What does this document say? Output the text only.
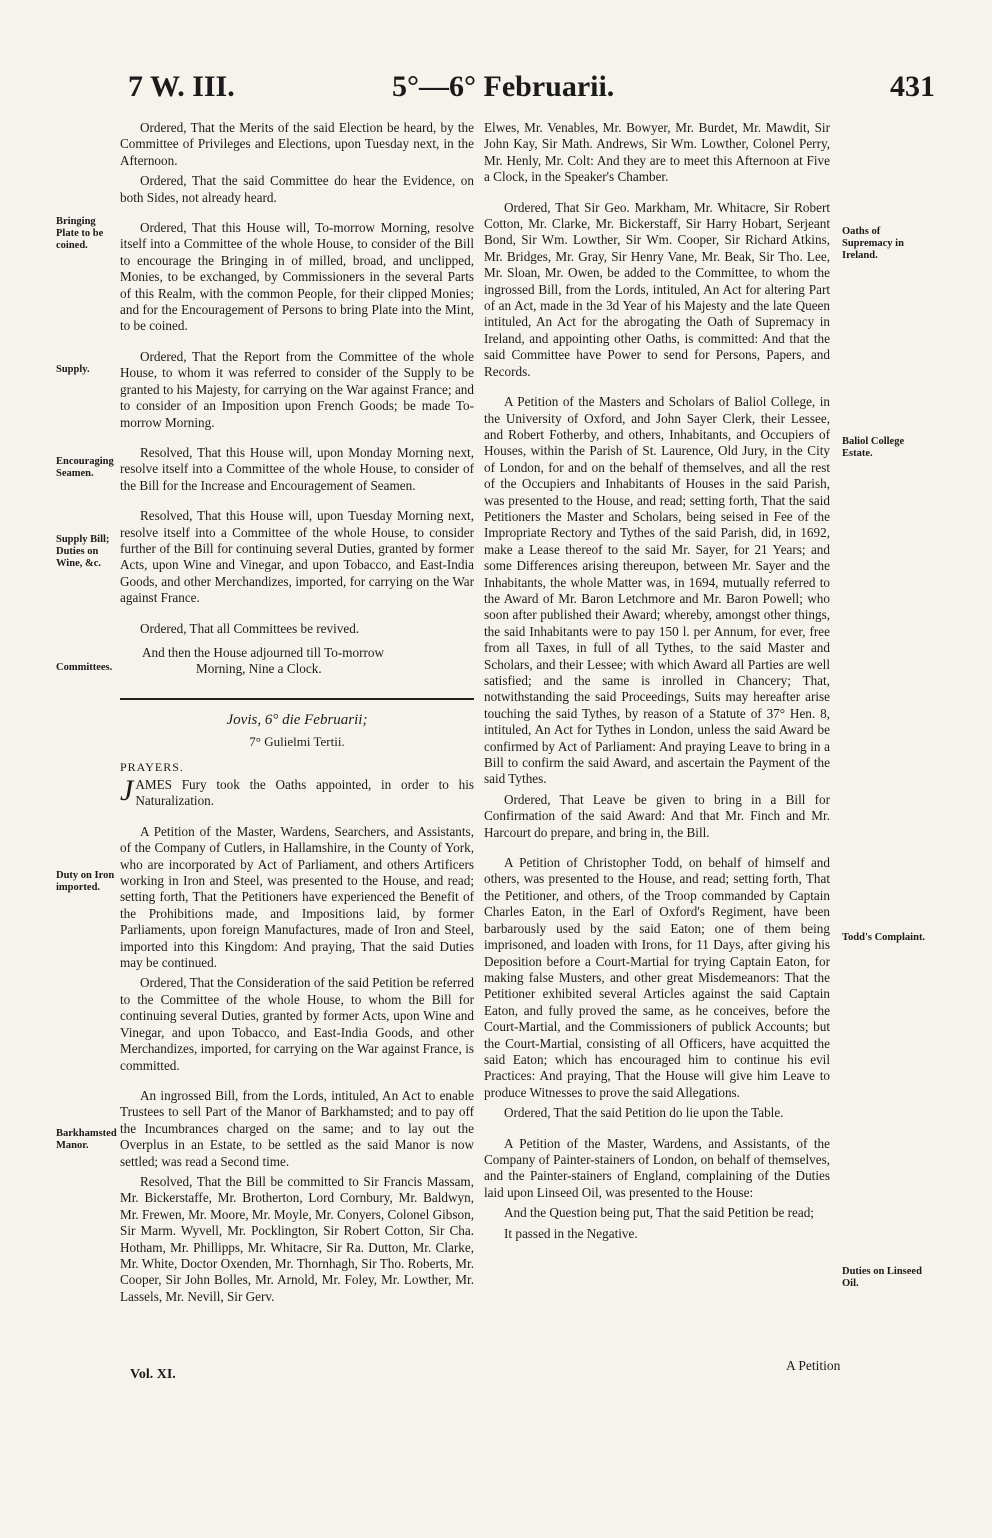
7 W. III.	5°—6° Februarii.	431
Bringing Plate to be coined.
Supply.
Encouraging Seamen.
Supply Bill; Duties on Wine, &c.
Committees.
Duty on Iron imported.
Barkhamsted Manor.
Oaths of Supremacy in Ireland.
Baliol College Estate.
Todd's Complaint.
Duties on Linseed Oil.

Ordered, That the Merits of the said Election be heard, by the Committee of Privileges and Elections, upon Tuesday next, in the Afternoon.

Ordered, That the said Committee do hear the Evidence, on both Sides, not already heard.

Ordered, That this House will, To-morrow Morning, resolve itself into a Committee of the whole House, to consider of the Bill to encourage the Bringing in of milled, broad, and unclipped, Monies, to be exchanged, by Commissioners in the several Parts of this Realm, with the common People, for their clipped Monies; and for the Encouragement of Persons to bring Plate into the Mint, to be coined.

Ordered, That the Report from the Committee of the whole House, to whom it was referred to consider of the Supply to be granted to his Majesty, for carrying on the War against France; and to consider of an Imposition upon French Goods; be made To-morrow Morning.

Resolved, That this House will, upon Monday Morning next, resolve itself into a Committee of the whole House, to consider of the Bill for the Increase and Encouragement of Seamen.

Resolved, That this House will, upon Tuesday Morning next, resolve itself into a Committee of the whole House, to consider further of the Bill for continuing several Duties, granted by former Acts, upon Wine and Vinegar, and upon Tobacco, and East-India Goods, and other Merchandizes, imported, for carrying on the War against France.

Ordered, That all Committees be revived.

And then the House adjourned till To-morrow
Morning, Nine a Clock.

Jovis, 6° die Februarii;

7° Gulielmi Tertii.

PRAYERS.

JAMES Fury took the Oaths appointed, in order to his Naturalization.

A Petition of the Master, Wardens, Searchers, and Assistants, of the Company of Cutlers, in Hallamshire, in the County of York, who are incorporated by Act of Parliament, and others Artificers working in Iron and Steel, was presented to the House, and read; setting forth, That the Petitioners have experienced the Benefit of the Prohibitions made, and Impositions laid, by former Parliaments, upon foreign Manufactures, made of Iron and Steel, imported into this Kingdom: And praying, That the said Duties may be continued.

Ordered, That the Consideration of the said Petition be referred to the Committee of the whole House, to whom the Bill for continuing several Duties, granted by former Acts, upon Wine and Vinegar, and upon Tobacco, and East-India Goods, and other Merchandizes, imported, for carrying on the War against France, is committed.

An ingrossed Bill, from the Lords, intituled, An Act to enable Trustees to sell Part of the Manor of Barkhamsted; and to pay off the Incumbrances charged on the same; and to lay out the Overplus in an Estate, to be settled as the said Manor is now settled; was read a Second time.

Resolved, That the Bill be committed to Sir Francis Massam, Mr. Bickerstaffe, Mr. Brotherton, Lord Cornbury, Mr. Baldwyn, Mr. Frewen, Mr. Moore, Mr. Moyle, Mr. Conyers, Colonel Gibson, Sir Marm. Wyvell, Mr. Pocklington, Sir Robert Cotton, Sir Cha. Hotham, Mr. Phillipps, Mr. Whitacre, Sir Ra. Dutton, Mr. Clarke, Mr. White, Doctor Oxenden, Mr. Thornhagh, Sir Tho. Roberts, Mr. Cooper, Sir John Bolles, Mr. Arnold, Mr. Foley, Mr. Lowther, Mr. Lassels, Mr. Nevill, Sir Gerv.

Elwes, Mr. Venables, Mr. Bowyer, Mr. Burdet, Mr. Mawdit, Sir John Kay, Sir Math. Andrews, Sir Wm. Lowther, Colonel Perry, Mr. Henly, Mr. Colt: And they are to meet this Afternoon at Five a Clock, in the Speaker's Chamber.

Ordered, That Sir Geo. Markham, Mr. Whitacre, Sir Robert Cotton, Mr. Clarke, Mr. Bickerstaff, Sir Harry Hobart, Serjeant Bond, Sir Wm. Lowther, Sir Wm. Cooper, Sir Richard Atkins, Mr. Bridges, Mr. Gray, Sir Henry Vane, Mr. Beak, Sir Tho. Lee, Mr. Sloan, Mr. Owen, be added to the Committee, to whom the ingrossed Bill, from the Lords, intituled, An Act for altering Part of an Act, made in the 3d Year of his Majesty and the late Queen intituled, An Act for the abrogating the Oath of Supremacy in Ireland, and appointing other Oaths, is committed: And that the said Committee have Power to send for Persons, Papers, and Records.

A Petition of the Masters and Scholars of Baliol College, in the University of Oxford, and John Sayer Clerk, their Lessee, and Robert Fotherby, and others, Inhabitants, and Occupiers of Houses, within the Parish of St. Laurence, Old Jury, in the City of London, for and on the behalf of themselves, and all the rest of the Occupiers and Inhabitants of Houses in the said Parish, was presented to the House, and read; setting forth, That the said Petitioners the Master and Scholars, being seised in Fee of the Impropriate Rectory and Tythes of the said Parish, did, in 1692, make a Lease thereof to the said Mr. Sayer, for 21 Years; and some Differences arising thereupon, between Mr. Sayer and the Inhabitants, the whole Matter was, in 1694, mutually referred to the Award of Mr. Baron Letchmore and Mr. Baron Powell; who soon after published their Award; whereby, amongst other things, the said Inhabitants were to pay 150 l. per Annum, for ever, free from all Taxes, in full of all Tythes, to the said Master and Scholars, and their Lessee; with which Award all Parties are well satisfied; and the same is inrolled in Chancery; That, notwithstanding the said Proceedings, Suits may hereafter arise touching the said Tythes, by reason of a Statute of 37° Hen. 8, intituled, An Act for Tythes in London, unless the said Award be confirmed by Act of Parliament: And praying Leave to bring in a Bill to confirm the said Award, and ascertain the Payment of the said Tythes.

Ordered, That Leave be given to bring in a Bill for Confirmation of the said Award: And that Mr. Finch and Mr. Harcourt do prepare, and bring in, the Bill.

A Petition of Christopher Todd, on behalf of himself and others, was presented to the House, and read; setting forth, That the Petitioner, and others, of the Troop commanded by Captain Charles Eaton, in the Earl of Oxford's Regiment, have been barbarously used by the said Eaton; one of them being imprisoned, and loaden with Irons, for 11 Days, after giving his Deposition before a Court-Martial for trying Captain Eaton, for making false Musters, and other great Misdemeanors: That the Petitioner exhibited several Articles against the said Captain Eaton, and fully proved the same, as he conceives, before the Court-Martial, and the Commissioners of publick Accounts; but the Court-Martial, consisting of all Officers, have acquitted the said Eaton; which has encouraged him to continue his evil Practices: And praying, That the House will give him Leave to produce Witnesses to prove the said Allegations.

Ordered, That the said Petition do lie upon the Table.

A Petition of the Master, Wardens, and Assistants, of the Company of Painter-stainers of London, on behalf of themselves, and the Painter-stainers of England, complaining of the Duties laid upon Linseed Oil, was presented to the House:

And the Question being put, That the said Petition be read;

It passed in the Negative.

Vol. XI.
A Petition
